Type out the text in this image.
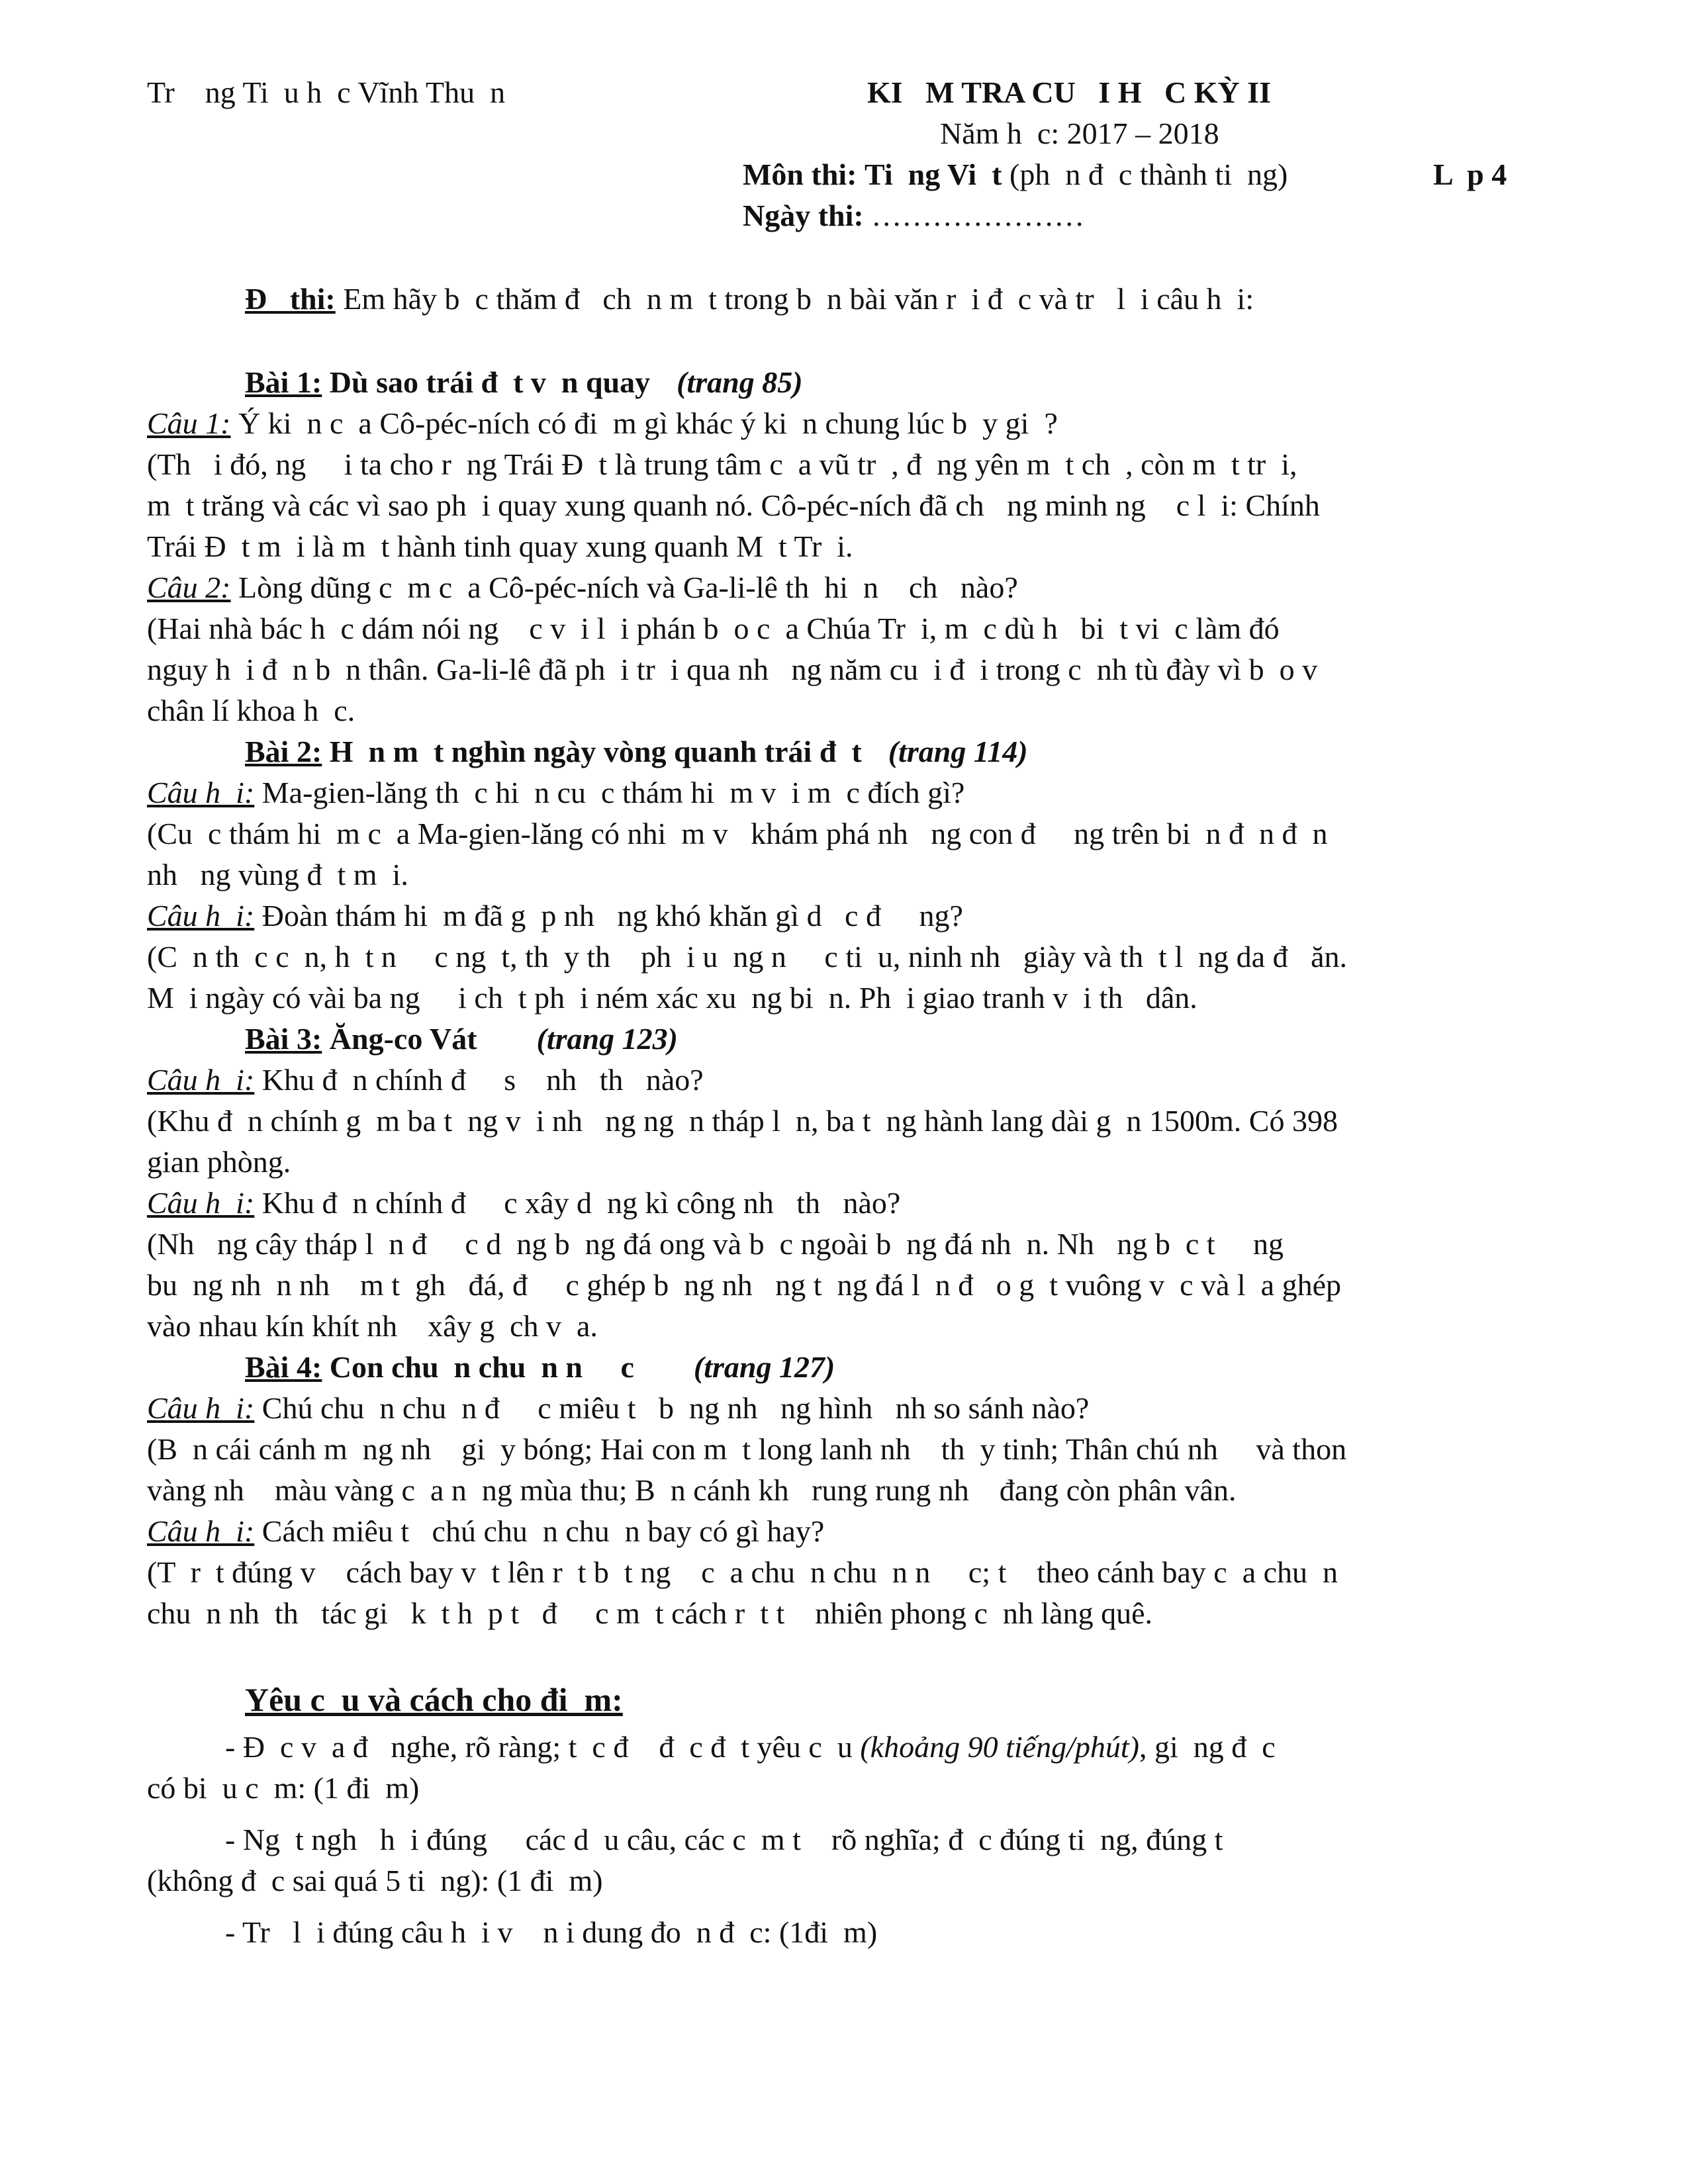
Tr    ng Ti  u h  c Vĩnh Thu  n	KI   M TRA CU   I H   C KỲ II
Năm h  c: 2017 – 2018
Môn thi: Ti  ng Vi  t (ph  n đ  c thành ti  ng)	L  p 4
Ngày thi: …………………
Đ   thi: Em hãy b  c thăm đ   ch  n m  t trong b  n bài văn r  i đ  c và tr   l  i câu h  i:
Bài 1: Dù sao trái đ  t v  n quay (trang 85)
Câu 1: Ý ki  n c  a Cô-péc-ních có đi  m gì khác ý ki  n chung lúc b  y gi  ?
(Th   i đó, ng     i ta cho r  ng Trái Đ  t là trung tâm c  a vũ tr  , đ  ng yên m  t ch  , còn m  t tr  i,
m  t trăng và các vì sao ph  i quay xung quanh nó. Cô-péc-ních đã ch   ng minh ng    c l  i: Chính
Trái Đ  t m  i là m  t hành tinh quay xung quanh M  t Tr  i.
Câu 2: Lòng dũng c  m c  a Cô-péc-ních và Ga-li-lê th  hi  n    ch   nào?
(Hai nhà bác h  c dám nói ng    c v  i l  i phán b  o c  a Chúa Tr  i, m  c dù h   bi  t vi  c làm đó
nguy h  i đ  n b  n thân. Ga-li-lê đã ph  i tr  i qua nh   ng năm cu  i đ  i trong c  nh tù đày vì b  o v
chân lí khoa h  c.
Bài 2: H  n m  t nghìn ngày vòng quanh trái đ  t (trang 114)
Câu h  i: Ma-gien-lăng th  c hi  n cu  c thám hi  m v  i m  c đích gì?
(Cu  c thám hi  m c  a Ma-gien-lăng có nhi  m v   khám phá nh   ng con đ     ng trên bi  n đ  n đ  n
nh   ng vùng đ  t m  i.
Câu h  i: Đoàn thám hi  m đã g  p nh   ng khó khăn gì d   c đ     ng?
(C  n th  c c  n, h  t n     c ng  t, th  y th    ph  i u  ng n     c ti  u, ninh nh   giày và th  t l  ng da đ   ăn.
M  i ngày có vài ba ng     i ch  t ph  i ném xác xu  ng bi  n. Ph  i giao tranh v  i th   dân.
Bài 3: Ăng-co Vát (trang 123)
Câu h  i: Khu đ  n chính đ     s    nh   th   nào?
(Khu đ  n chính g  m ba t  ng v  i nh   ng ng  n tháp l  n, ba t  ng hành lang dài g  n 1500m. Có 398
gian phòng.
Câu h  i: Khu đ  n chính đ     c xây d  ng kì công nh   th   nào?
(Nh   ng cây tháp l  n đ     c d  ng b  ng đá ong và b  c ngoài b  ng đá nh  n. Nh   ng b  c t     ng
bu  ng nh  n nh    m t  gh   đá, đ     c ghép b  ng nh   ng t  ng đá l  n đ   o g  t vuông v  c và l  a ghép
vào nhau kín khít nh    xây g  ch v  a.
Bài 4: Con chu  n chu  n n     c (trang 127)
Câu h  i: Chú chu  n chu  n đ     c miêu t   b  ng nh   ng hình   nh so sánh nào?
(B  n cái cánh m  ng nh    gi  y bóng; Hai con m  t long lanh nh    th  y tinh; Thân chú nh     và thon
vàng nh    màu vàng c  a n  ng mùa thu; B  n cánh kh   rung rung nh    đang còn phân vân.
Câu h  i: Cách miêu t   chú chu  n chu  n bay có gì hay?
(T  r  t đúng v    cách bay v  t lên r  t b  t ng    c  a chu  n chu  n n     c; t    theo cánh bay c  a chu  n
chu  n nh  th   tác gi   k  t h  p t   đ     c m  t cách r  t t    nhiên phong c  nh làng quê.
Yêu c  u và cách cho đi  m:
- Đ  c v  a đ   nghe, rõ ràng; t  c đ    đ  c đ  t yêu c  u (khoảng 90 tiếng/phút), gi  ng đ  c
có bi  u c  m: (1 đi  m)
- Ng  t ngh   h  i đúng     các d  u câu, các c  m t    rõ nghĩa; đ  c đúng ti  ng, đúng t
(không đ  c sai quá 5 ti  ng): (1 đi  m)
- Tr   l  i đúng câu h  i v    n i dung đo  n đ  c: (1đi  m)
